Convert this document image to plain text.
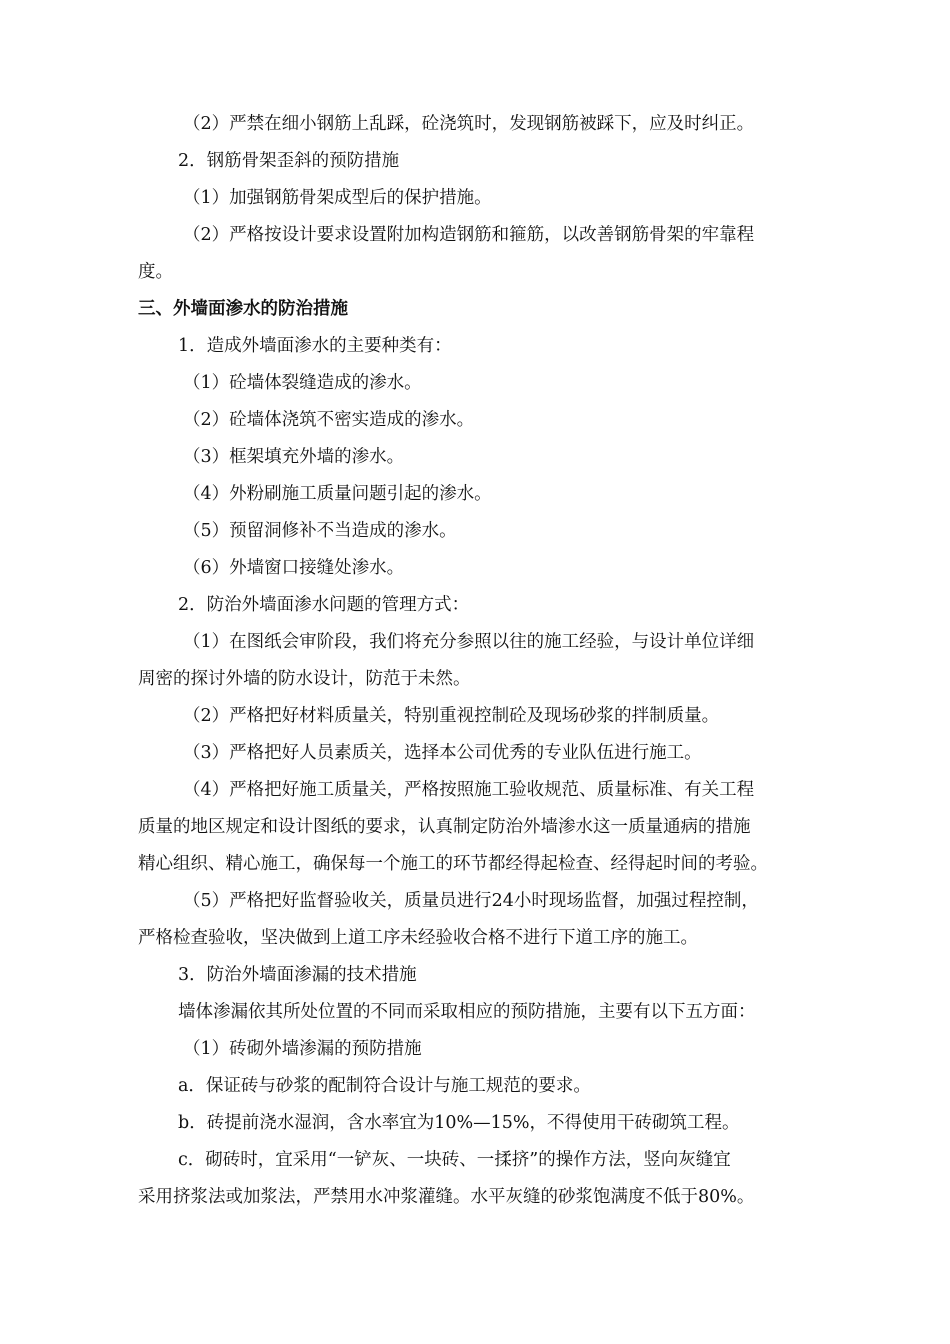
（2）严禁在细小钢筋上乱踩，砼浇筑时，发现钢筋被踩下，应及时纠正。
2．钢筋骨架歪斜的预防措施
（1）加强钢筋骨架成型后的保护措施。
（2）严格按设计要求设置附加构造钢筋和箍筋，以改善钢筋骨架的牢靠程
度。
三、外墙面渗水的防治措施
1．造成外墙面渗水的主要种类有：
（1）砼墙体裂缝造成的渗水。
（2）砼墙体浇筑不密实造成的渗水。
（3）框架填充外墙的渗水。
（4）外粉刷施工质量问题引起的渗水。
（5）预留洞修补不当造成的渗水。
（6）外墙窗口接缝处渗水。
2．防治外墙面渗水问题的管理方式：
（1）在图纸会审阶段，我们将充分参照以往的施工经验，与设计单位详细
周密的探讨外墙的防水设计，防范于未然。
（2）严格把好材料质量关，特别重视控制砼及现场砂浆的拌制质量。
（3）严格把好人员素质关，选择本公司优秀的专业队伍进行施工。
（4）严格把好施工质量关，严格按照施工验收规范、质量标准、有关工程
质量的地区规定和设计图纸的要求，认真制定防治外墙渗水这一质量通病的措施
精心组织、精心施工，确保每一个施工的环节都经得起检查、经得起时间的考验。
（5）严格把好监督验收关，质量员进行24小时现场监督，加强过程控制，
严格检查验收，坚决做到上道工序未经验收合格不进行下道工序的施工。
3．防治外墙面渗漏的技术措施
墙体渗漏依其所处位置的不同而采取相应的预防措施，主要有以下五方面：
（1）砖砌外墙渗漏的预防措施
a．保证砖与砂浆的配制符合设计与施工规范的要求。
b．砖提前浇水湿润，含水率宜为10%—15%，不得使用干砖砌筑工程。
c．砌砖时，宜采用“一铲灰、一块砖、一揉挤”的操作方法，竖向灰缝宜
采用挤浆法或加浆法，严禁用水冲浆灌缝。水平灰缝的砂浆饱满度不低于80%。
